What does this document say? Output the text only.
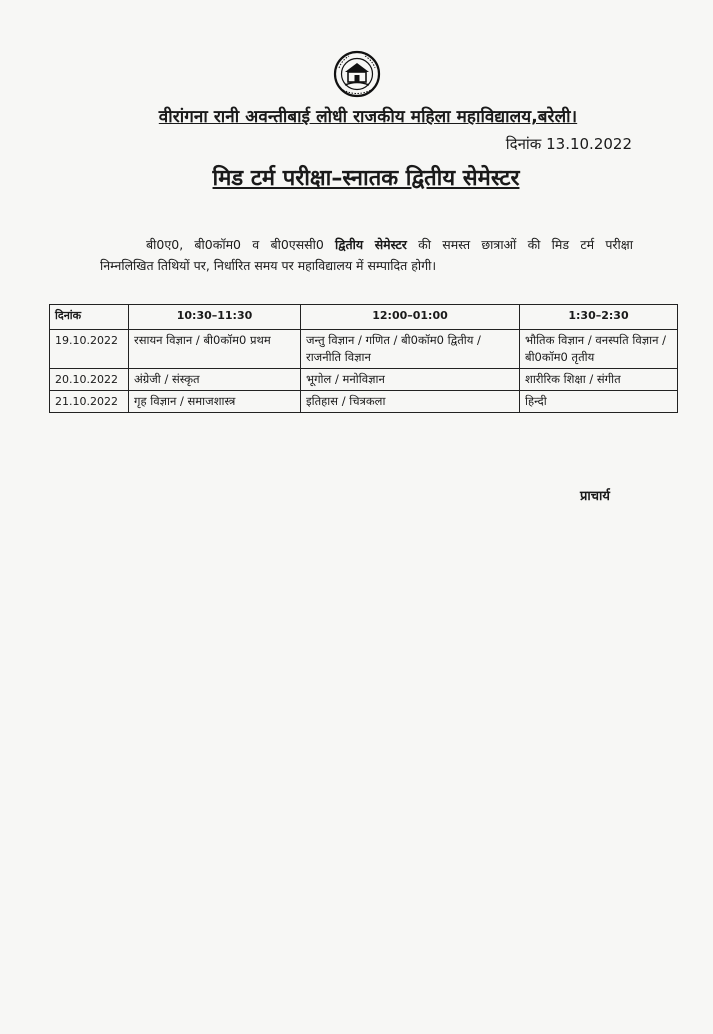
वीरांगना रानी अवन्तीबाई लोधी राजकीय महिला महाविद्यालय,बरेली।
दिनांक 13.10.2022
मिड टर्म परीक्षा–स्नातक द्वितीय सेमेस्टर
बी0ए0, बी0कॉम0 व बी0एससी0 द्वितीय सेमेस्टर की समस्त छात्राओं की मिड टर्म परीक्षा
निम्नलिखित तिथियों पर, निर्धारित समय पर महाविद्यालय में सम्पादित होगी।
दिनांक	10:30–11:30	12:00–01:00	1:30–2:30
19.10.2022	रसायन विज्ञान / बी0कॉम0 प्रथम	जन्तु विज्ञान / गणित / बी0कॉम0 द्वितीय / राजनीति विज्ञान	भौतिक विज्ञान / वनस्पति विज्ञान / बी0कॉम0 तृतीय
20.10.2022	अंग्रेजी / संस्कृत	भूगोल / मनोविज्ञान	शारीरिक शिक्षा / संगीत
21.10.2022	गृह विज्ञान / समाजशास्त्र	इतिहास / चित्रकला	हिन्दी
प्राचार्य
